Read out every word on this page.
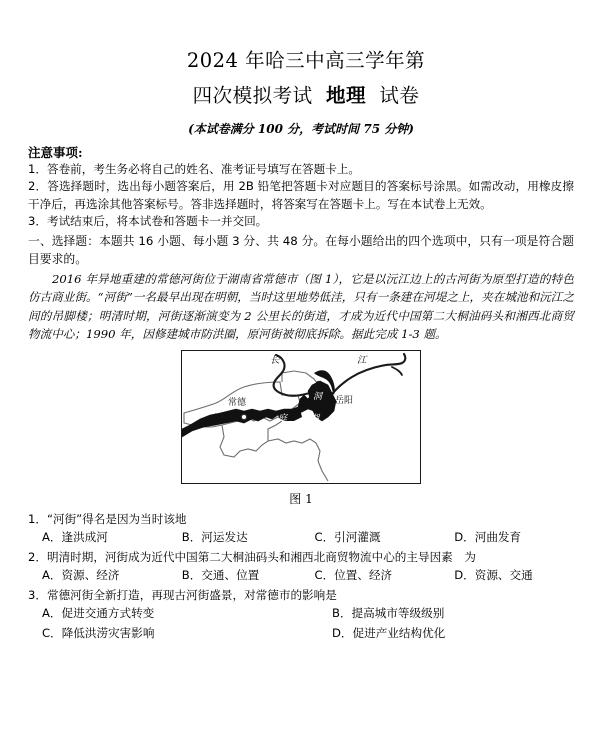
2024 年哈三中高三学年第
四次模拟考试 地理 试卷
(本试卷满分 100 分，考试时间 75 分钟)
注意事项:
1．答卷前，考生务必将自己的姓名、准考证号填写在答题卡上。
2．答选择题时，选出每小题答案后，用 2B 铅笔把答题卡对应题目的答案标号涂黑。如需改动，用橡皮擦干净后，再选涂其他答案标号。答非选择题时，将答案写在答题卡上。写在本试卷上无效。
3．考试结束后，将本试卷和答题卡一并交回。
一、选择题：本题共 16 小题、每小题 3 分、共 48 分。在每小题给出的四个选项中，只有一项是符合题目要求的。
2016 年异地重建的常德河街位于湖南省常德市（图 1），它是以沅江边上的古河街为原型打造的特色仿古商业街。“河街”一名最早出现在明朝，当时这里地势低洼，只有一条建在河堤之上，夹在城池和沅江之间的吊脚楼；明清时期，河街逐渐演变为 2 公里长的街道，才成为近代中国第二大桐油码头和湘西北商贸物流中心；1990 年，因修建城市防洪圈，原河街被彻底拆除。据此完成 1-3 题。
常德	岳阳
沅江
长	江
洞
庭	湖
图 1
1．“河街”得名是因为当时该地
A．逢洪成河	B．河运发达	C．引河灌溉	D．河曲发育
2．明清时期，河街成为近代中国第二大桐油码头和湘西北商贸物流中心的主导因素　为
A．资源、经济	B．交通、位置	C．位置、经济	D．资源、交通
3．常德河街全新打造，再现古河街盛景，对常德市的影响是
A．促进交通方式转变	B．提高城市等级级别
C．降低洪涝灾害影响	D．促进产业结构优化
